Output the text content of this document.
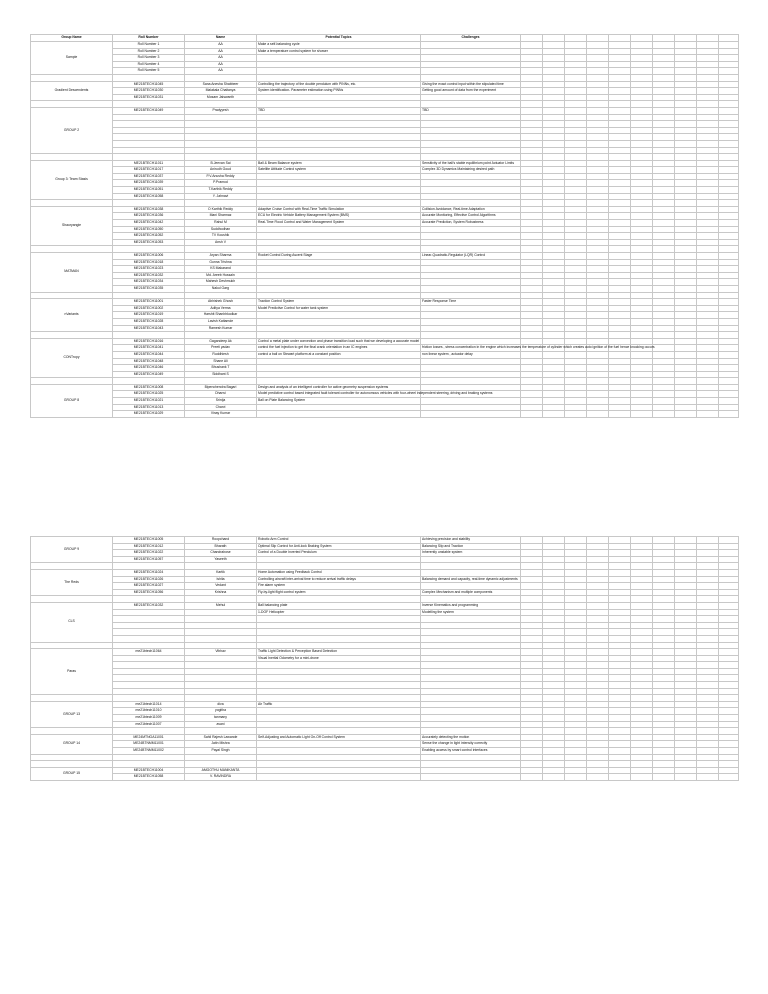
Group Name	Roll Number	Name	Potential Topics	Challenges										
Sample	Roll Number 1	AA	Make a self-balancing cycle											
	Roll Number 2	AA	Make a temperature control system for shower											
	Roll Number 3	AA												
	Roll Number 4	AA												
	Roll Number 5	AA												

Gradient Descendents	ME21BTECH11045	Sana Anesha Shabbeer	Controlling the trajectory of the double pendulum with PINNs, etc.	Giving the exact control input within the stipulated time										
	ME21BTECH11030	Malakala Chaitanya	System identification- Parameter estimation using PINNs	Getting good amount of data from the experiment										
	ME21BTECH11031	Mosam Jaiswanth												

GROUP 2	ME21BTECH11049	Pradyyesh	TBD	TBD										

Group 3: Team Stasis	ME21BTECH11011	B.Jeevan Sai	Ball & Beam Balance system	Sensitivity of the ball's stable equilibrium point Actuator Limits										
	ME21BTECH11017	Anirudh Goud	Satellite Attitude Control system	Complex 3D Dynamics Maintaining desired path										
	ME21BTECH11037	P.V.Anusha Reddy												
	ME21BTECH11039	P.Pramod												
	ME21BTECH11051	T.Karthik Reddy												
	ME21BTECH11058	Y. Jahnavi												

Shauryangie	ME21BTECH11038	O Karthik Reddy	Adaptive Cruise Control with Real-Time Traffic Simulation	Collision Avoidance, Real-time Adaptation										
	ME21BTECH11036	Mani Sharmaz	ECU for Electric Vehicle Battery Management System (BMS)	Accurate Monitoring, Effective Control Algorithms										
	ME21BTECH11042	Rahul M	Real-Time Flood Control and Water Management System	Accurate Prediction, System Robustness										
	ME21BTECH11050	Suddhodhan												
	ME21BTECH11052	TV Koushik												
	ME21BTECH11053	Ansh V												

MATMAN	ME21BTECH11006	Aryan Sharma	Rocket Control During Ascent Stage	Linear-Quadratic-Regulator (LQR) Control										
	ME21BTECH11018	Gunna Trishna												
	ME21BTECH11023	KS Makarand												
	ME21BTECH11032	Md. Areeb Hussain												
	ME21BTECH11034	Mahesh Deshmukh												
	ME21BTECH11035	Nakul Garg												

nVariants	ME21BTECH11001	Abhishek Ghosh	Traction Control System	Faster Response Time										
	ME21BTECH11002	Aditya Verma	Model Predictive Control for water tank system											
	ME21BTECH11019	Harshit Shanbhkodkar												
	ME21BTECH11028	Lavish Kattamde												
	ME21BTECH11043	Ramesh Kumar												

CONTropy	ME21BTECH11016	Gagandeep Ak	Control a metal plate under convection and phase transition load such that we developing a accurate model											
	ME21BTECH11041	Preeti yadav	control the fuel injection to get the final crank orientation in an IC engines	friction losses , stress concentration in the engine which increases the temperature of cylinder which creates auto ignition of the fuel hence knocking occurs										
	ME21BTECH11044	Ruddhiesh	control a ball on Stewart platform at a constant position	non linear system , actuator delay										
	ME21BTECH11048	Shane Ali												
	ME21BTECH11046	Bhushank T												
	ME21BTECH11049	Siddhant S												

GROUP 8	ME21BTECH11008	Bipenchendra Bagari	Design and analysis of an intelligent controller for active geometry suspension systems											
	ME21BTECH11025	Dhanvi	Model predictive control based integrated fault tolerant controller for autonomous vehicles with four-wheel independent steering, driving and braking systems											
	ME21BTECH11021	Srinija	Ball on Plate Balancing System											
	ME21BTECH11013	Charvi												
	ME21BTECH11029	Vinay Kumar												
GROUP 9	ME21BTECH11005	Roopchand	Robotic Arm Control	Achieving precision and stability										
	ME21BTECH11012	Bharath	Optimal Slip Control for Anti-lock Braking System	Balancing Slip and Traction										
	ME21BTECH11022	Chandrabose	Control of a Double Inverted Pendulum	Inherently unstable system										
	ME21BTECH11057	Yaseeth												

The Reds	ME21BTECH11024	Kartik	Home Automation using Feedback Control											
	ME21BTECH11026	Ishita	Controlling aircraft inter-arrival time to reduce arrival traffic delays	Balancing demand and capacity, real-time dynamic adjustments										
	ME21BTECH11027	Vedant	Fire alarm system											
	ME21BTECH11056	Krishna	Fly-by-light flight control system	Complex Mechanism and multiple components										

CLS	ME21BTECH11032	Mehul	Ball balancing plate	Inverse Kinematics and programming										
			1-DOF Helicopter	Modelling the system										

Paras	me21btech11064	Vibhav	Traffic Light Detection & Perception Based Detection											
			Visual Inertial Odometry for a mini-drone											

GROUP 13	me21btech11014	diva	Air Traffic											
	me21btech11010	yogitha												
	me21btech11009	tanmany												
	me21btech11007	avani												

GROUP 14	ME24MTNGA11001	Sahil Rajesh Lawande	Self-Adjusting and Automatic Light On-Off Control System	Accurately detecting the motion										
	ME24BTNMM11001	Jatin Mishra		Sense the change in light intensity correctly										
	ME24BTNMM11002	Payal Singh		Enabling access by smart control interfaces										

GROUP 15	ME21BTECH11004	AMGOTHU MANIKANTA												
	ME21BTECH11058	V. RAVINDRA												
